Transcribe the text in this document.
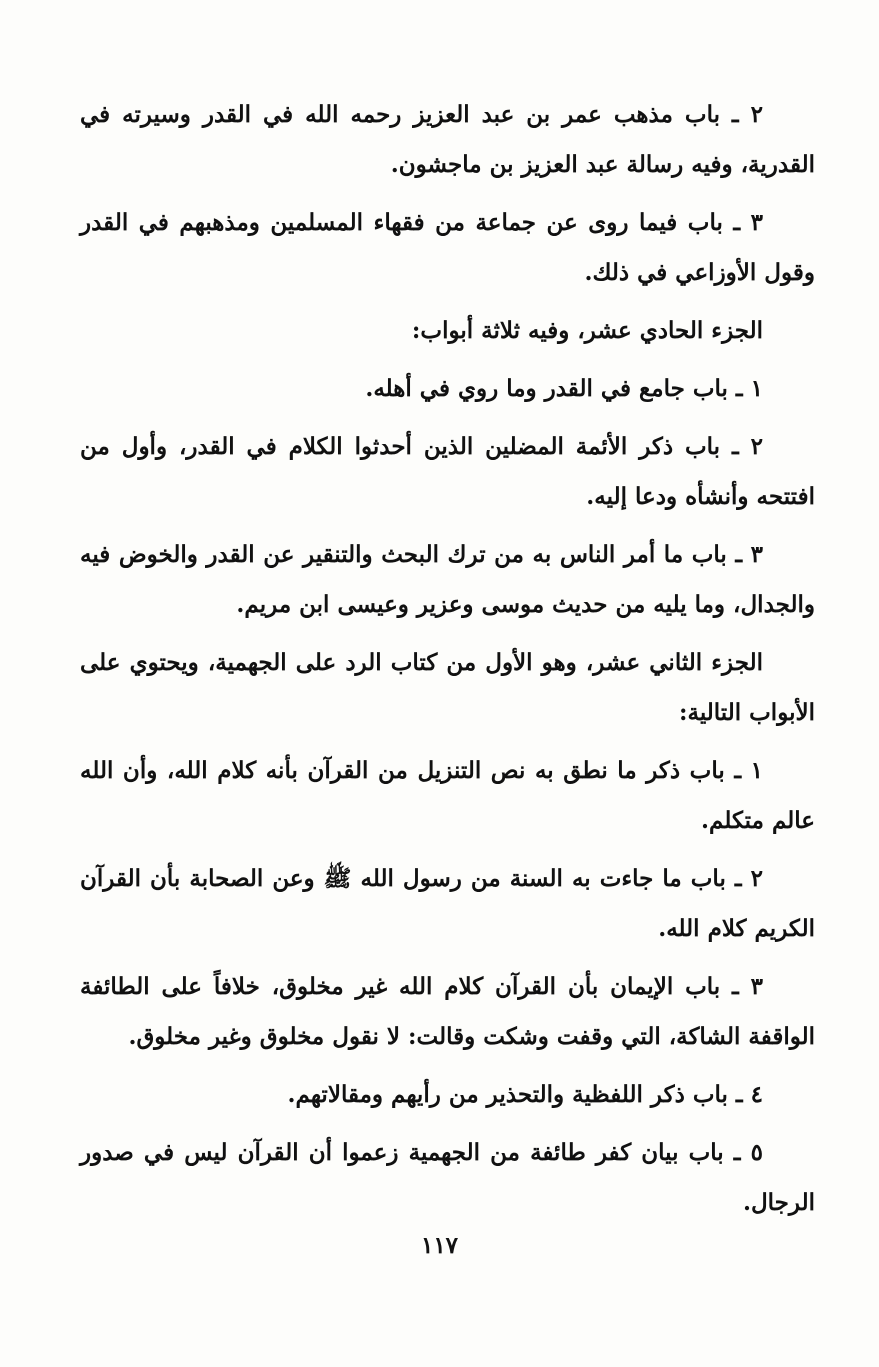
٢ ـ باب مذهب عمر بن عبد العزيز رحمه الله في القدر وسيرته في القدرية، وفيه رسالة عبد العزيز بن ماجشون.

٣ ـ باب فيما روى عن جماعة من فقهاء المسلمين ومذهبهم في القدر وقول الأوزاعي في ذلك.

الجزء الحادي عشر، وفيه ثلاثة أبواب:

١ ـ باب جامع في القدر وما روي في أهله.

٢ ـ باب ذكر الأئمة المضلين الذين أحدثوا الكلام في القدر، وأول من افتتحه وأنشأه ودعا إليه.

٣ ـ باب ما أمر الناس به من ترك البحث والتنقير عن القدر والخوض فيه والجدال، وما يليه من حديث موسى وعزير وعيسى ابن مريم.

الجزء الثاني عشر، وهو الأول من كتاب الرد على الجهمية، ويحتوي على الأبواب التالية:

١ ـ باب ذكر ما نطق به نص التنزيل من القرآن بأنه كلام الله، وأن الله عالم متكلم.

٢ ـ باب ما جاءت به السنة من رسول الله ﷺ وعن الصحابة بأن القرآن الكريم كلام الله.

٣ ـ باب الإيمان بأن القرآن كلام الله غير مخلوق، خلافاً على الطائفة الواقفة الشاكة، التي وقفت وشكت وقالت: لا نقول مخلوق وغير مخلوق.

٤ ـ باب ذكر اللفظية والتحذير من رأيهم ومقالاتهم.

٥ ـ باب بيان كفر طائفة من الجهمية زعموا أن القرآن ليس في صدور الرجال.

١١٧
